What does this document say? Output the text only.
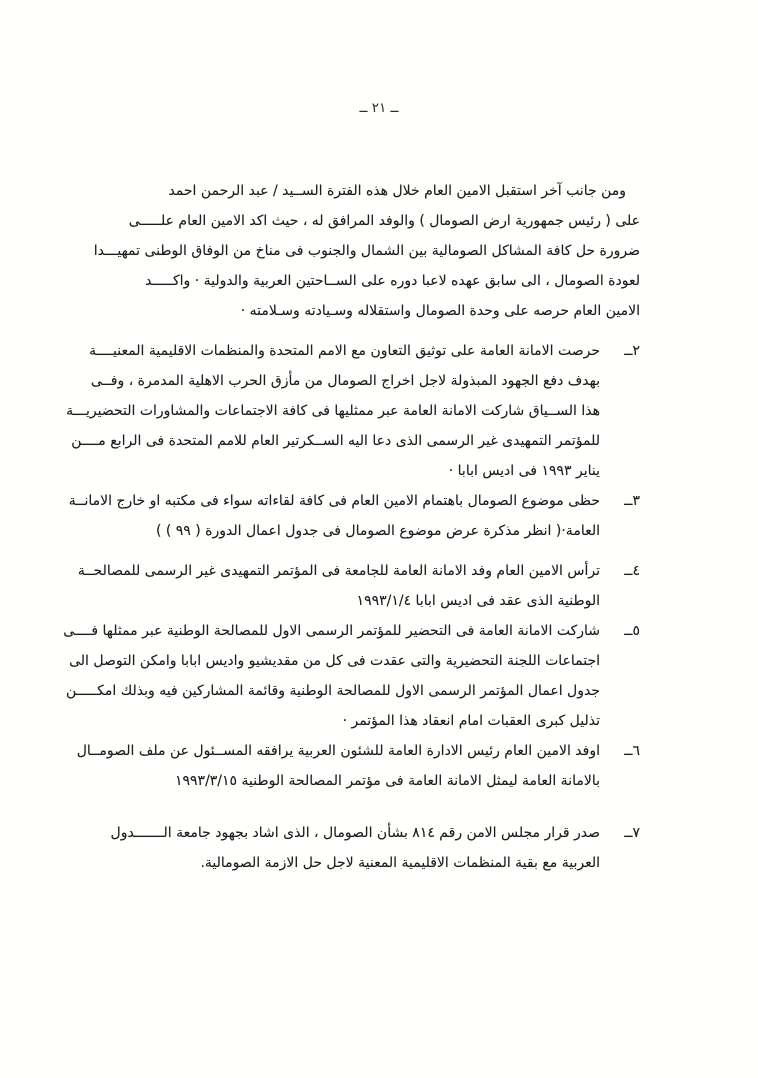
ــ ٢١ ــ
ومن جانب آخر استقبل الامين العام خلال هذه الفترة الســيد / عبد الرحمن احمد
على ( رئيس جمهورية ارض الصومال ) والوفد المرافق له ، حيث اكد الامين العام علـــــى
ضرورة حل كافة المشاكل الصومالية بين الشمال والجنوب فى مناخ من الوفاق الوطنى تمهيـــدا
لعودة الصومال ، الى سابق عهده لاعبا دوره على الســاحتين العربية والدولية · واكـــــد
الامين العام حرصه على وحدة الصومال واستقلاله وسـيادته وسـلامته ·
٢ــحرصت الامانة العامة على توثيق التعاون مع الامم المتحدة والمنظمات الاقليمية المعنيــــة
بهدف دفع الجهود المبذولة لاجل اخراج الصومال من مأزق الحرب الاهلية المدمرة ، وفــى
هذا الســياق شاركت الامانة العامة عبر ممثليها فى كافة الاجتماعات والمشاورات التحضيريـــة
للمؤتمر التمهيدى غير الرسمى الذى دعا اليه الســكرتير العام للامم المتحدة فى الرابع مــــن
يناير ١٩٩٣ فى اديس ابابا ·
٣ــحظى موضوع الصومال باهتمام الامين العام فى كافة لقاءاته سواء فى مكتبه او خارج الامانــة
العامة·( انظر مذكرة عرض موضوع الصومال فى جدول اعمال الدورة ( ٩٩ ) )
٤ــترأس الامين العام وفد الامانة العامة للجامعة فى المؤتمر التمهيدى غير الرسمى للمصالحــة
الوطنية الذى عقد فى اديس ابابا ١٩٩٣/١/٤
٥ــشاركت الامانة العامة فى التحضير للمؤتمر الرسمى الاول للمصالحة الوطنية عبر ممثلها فــــى
اجتماعات اللجنة التحضيرية والتى عقدت فى كل من مقديشيو واديس ابابا وامكن التوصل الى
جدول اعمال المؤتمر الرسمى الاول للمصالحة الوطنية وقائمة المشاركين فيه وبذلك امكـــــن
تذليل كبرى العقبات امام انعقاد هذا المؤتمر ·
٦ــاوفد الامين العام رئيس الادارة العامة للشئون العربية يرافقه المســئول عن ملف الصومــال
بالامانة العامة ليمثل الامانة العامة فى مؤتمر المصالحة الوطنية ١٩٩٣/٣/١٥
٧ــصدر قرار مجلس الامن رقم ٨١٤ بشأن الصومال ، الذى اشاد بجهود جامعة الـــــــدول
العربية مع بقية المنظمات الاقليمية المعنية لاجل حل الازمة الصومالية.
